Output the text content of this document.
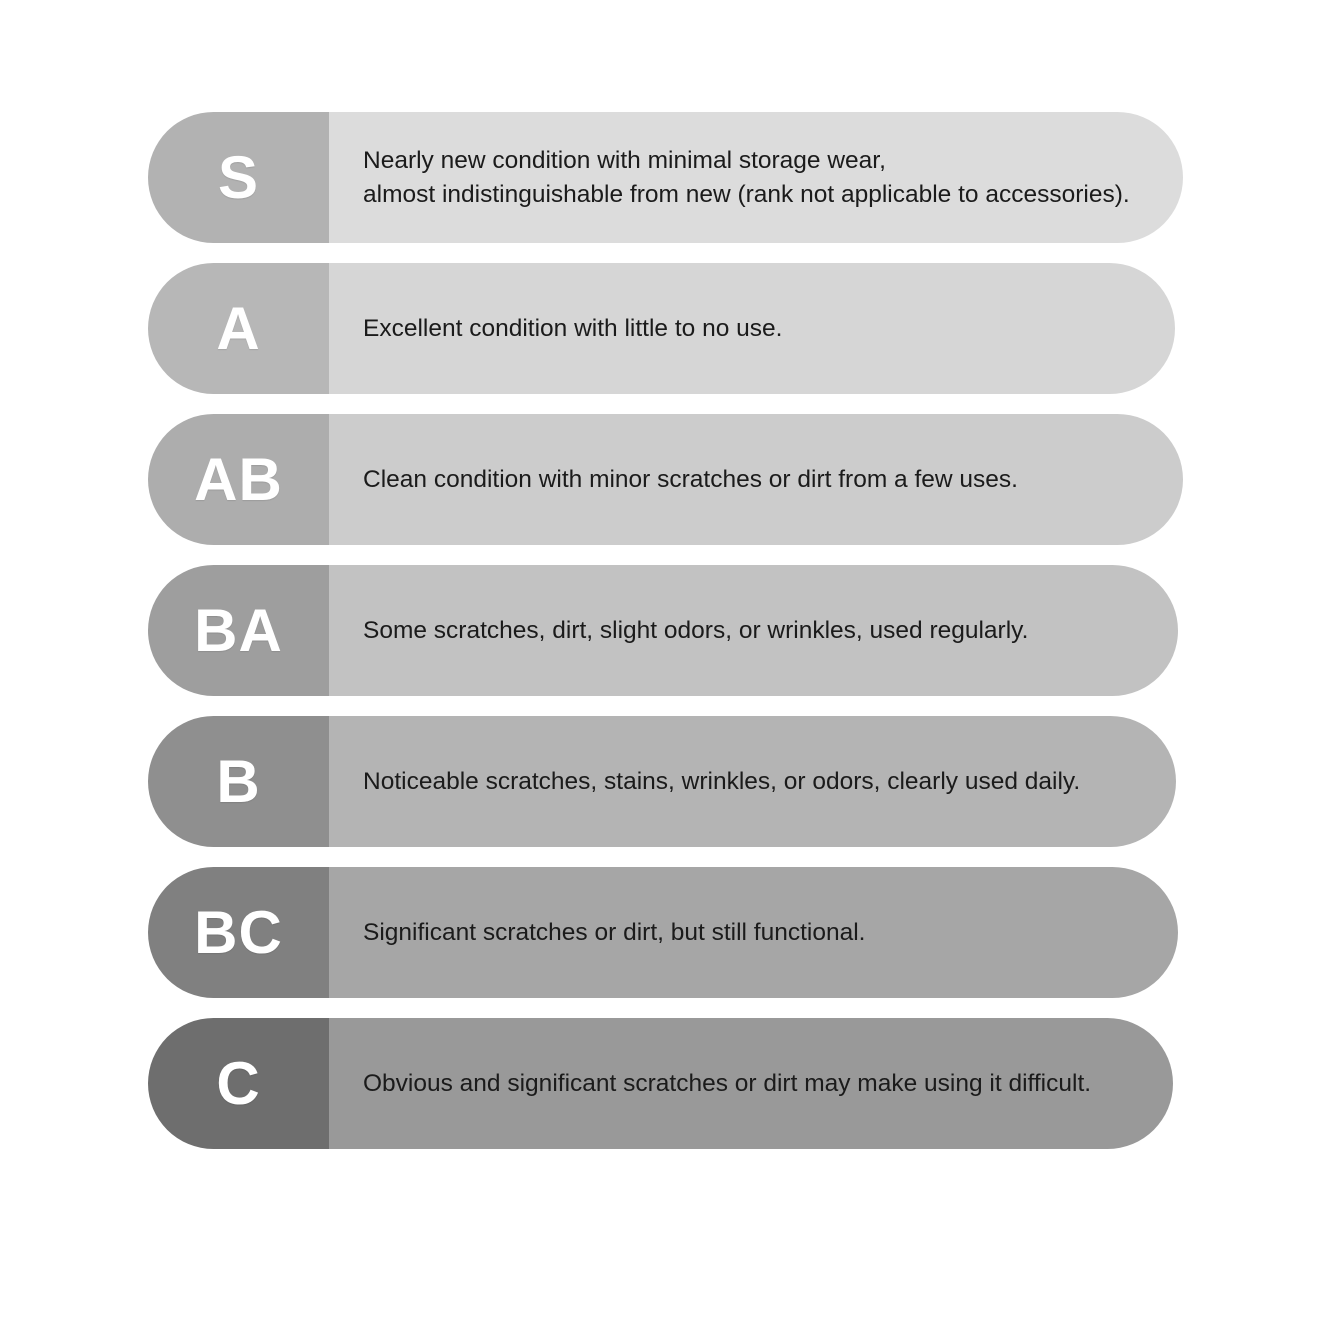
S	Nearly new condition with minimal storage wear,
almost indistinguishable from new (rank not applicable to accessories).
A	Excellent condition with little to no use.
AB	Clean condition with minor scratches or dirt from a few uses.
BA	Some scratches, dirt, slight odors, or wrinkles, used regularly.
B	Noticeable scratches, stains, wrinkles, or odors, clearly used daily.
BC	Significant scratches or dirt, but still functional.
C	Obvious and significant scratches or dirt may make using it difficult.
